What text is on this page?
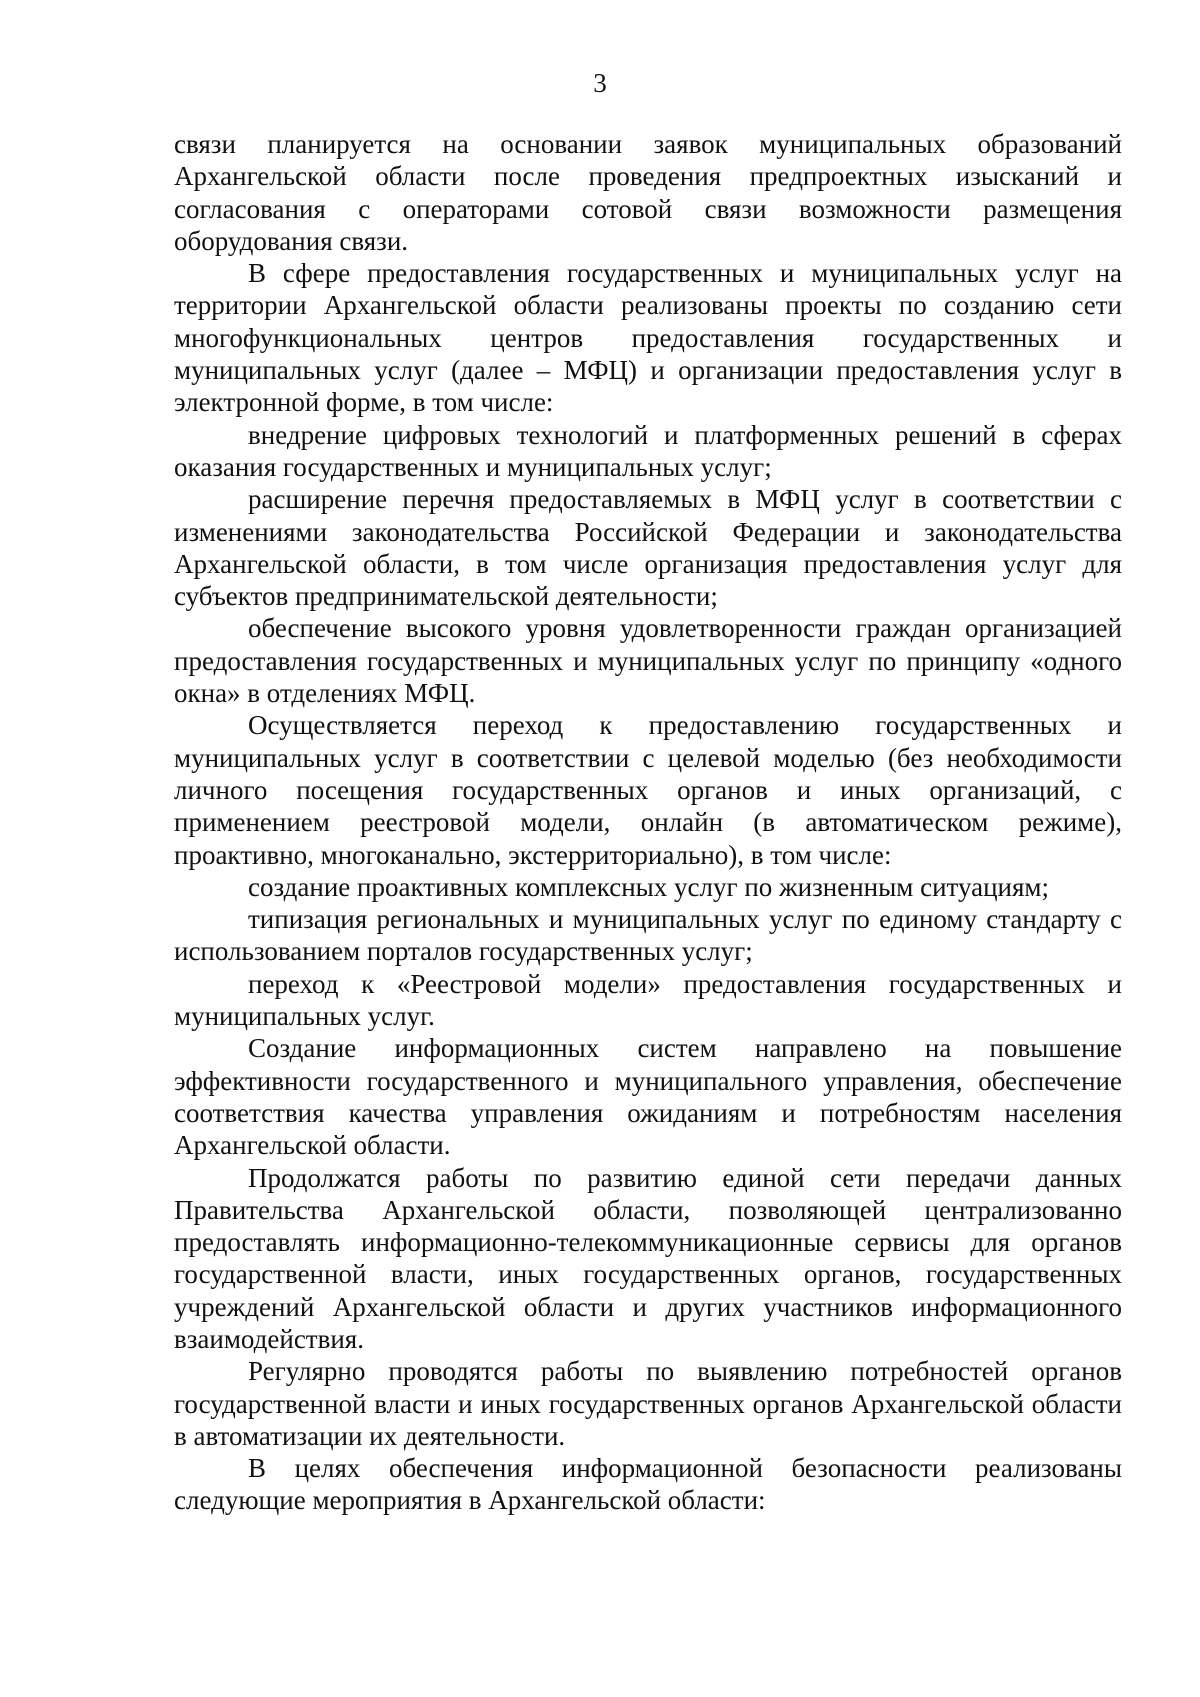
3

связи планируется на основании заявок муниципальных образований Архангельской области после проведения предпроектных изысканий и согласования с операторами сотовой связи возможности размещения оборудования связи.

В сфере предоставления государственных и муниципальных услуг на территории Архангельской области реализованы проекты по созданию сети многофункциональных центров предоставления государственных и муниципальных услуг (далее – МФЦ) и организации предоставления услуг в электронной форме, в том числе:

внедрение цифровых технологий и платформенных решений в сферах оказания государственных и муниципальных услуг;

расширение перечня предоставляемых в МФЦ услуг в соответствии с изменениями законодательства Российской Федерации и законодательства Архангельской области, в том числе организация предоставления услуг для субъектов предпринимательской деятельности;

обеспечение высокого уровня удовлетворенности граждан организацией предоставления государственных и муниципальных услуг по принципу «одного окна» в отделениях МФЦ.

Осуществляется переход к предоставлению государственных и муниципальных услуг в соответствии с целевой моделью (без необходимости личного посещения государственных органов и иных организаций, с применением реестровой модели, онлайн (в автоматическом режиме), проактивно, многоканально, экстерриториально), в том числе:

создание проактивных комплексных услуг по жизненным ситуациям;

типизация региональных и муниципальных услуг по единому стандарту с использованием порталов государственных услуг;

переход к «Реестровой модели» предоставления государственных и муниципальных услуг.

Создание информационных систем направлено на повышение эффективности государственного и муниципального управления, обеспечение соответствия качества управления ожиданиям и потребностям населения Архангельской области.

Продолжатся работы по развитию единой сети передачи данных Правительства Архангельской области, позволяющей централизованно предоставлять информационно-телекоммуникационные сервисы для органов государственной власти, иных государственных органов, государственных учреждений Архангельской области и других участников информационного взаимодействия.

Регулярно проводятся работы по выявлению потребностей органов государственной власти и иных государственных органов Архангельской области в автоматизации их деятельности.

В целях обеспечения информационной безопасности реализованы следующие мероприятия в Архангельской области:
